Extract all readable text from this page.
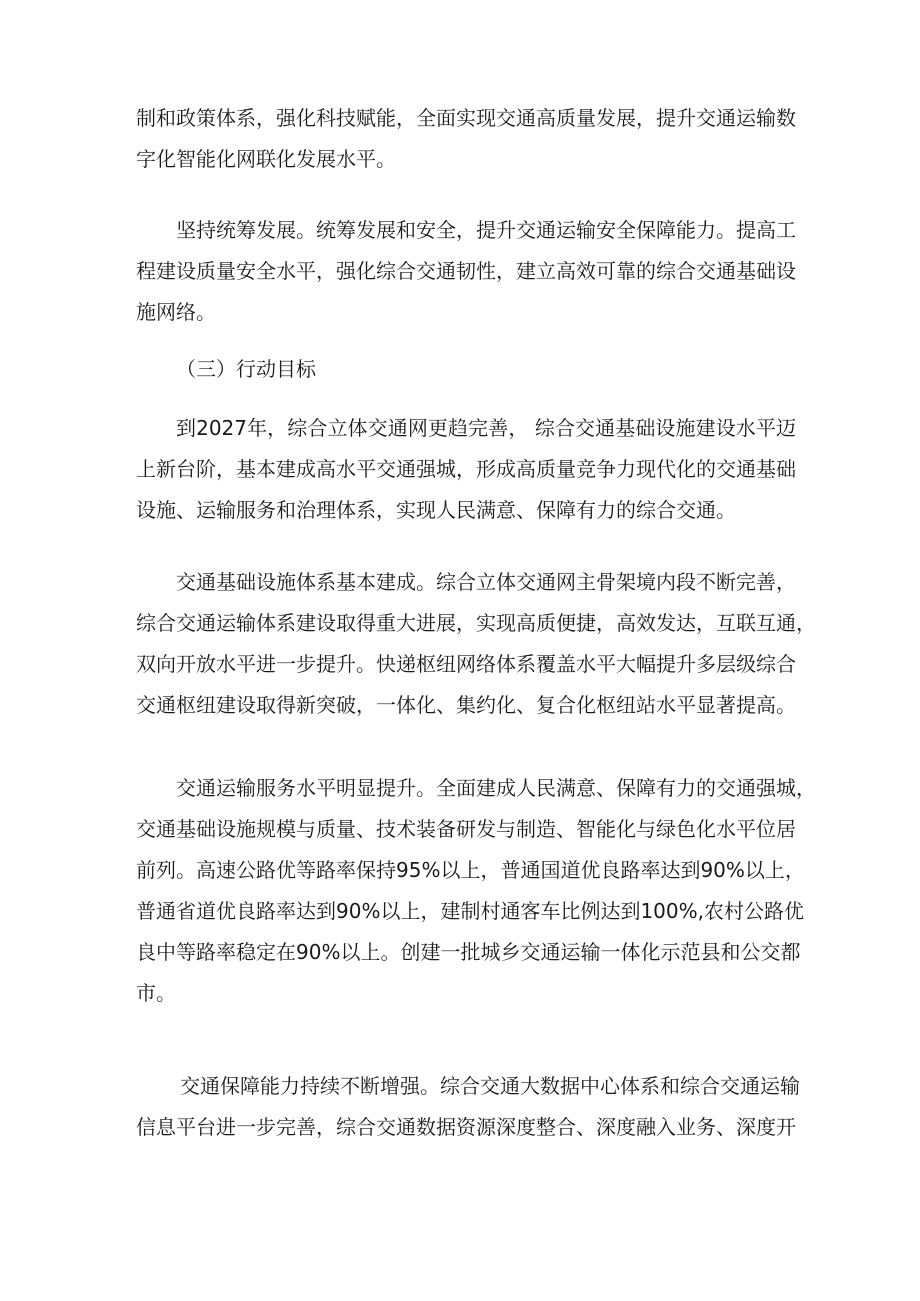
制和政策体系，强化科技赋能，全面实现交通高质量发展，提升交通运输数
字化智能化网联化发展水平。
坚持统筹发展。统筹发展和安全，提升交通运输安全保障能力。提高工
程建设质量安全水平，强化综合交通韧性，建立高效可靠的综合交通基础设
施网络。
（三）行动目标
到2027年，综合立体交通网更趋完善， 综合交通基础设施建设水平迈
上新台阶，基本建成高水平交通强城，形成高质量竞争力现代化的交通基础
设施、运输服务和治理体系，实现人民满意、保障有力的综合交通。
交通基础设施体系基本建成。综合立体交通网主骨架境内段不断完善，
综合交通运输体系建设取得重大进展，实现高质便捷，高效发达，互联互通，
双向开放水平进一步提升。快递枢纽网络体系覆盖水平大幅提升多层级综合
交通枢纽建设取得新突破，一体化、集约化、复合化枢纽站水平显著提高。
交通运输服务水平明显提升。全面建成人民满意、保障有力的交通强城，
交通基础设施规模与质量、技术装备研发与制造、智能化与绿色化水平位居
前列。高速公路优等路率保持95%以上，普通国道优良路率达到90%以上，
普通省道优良路率达到90%以上，建制村通客车比例达到100%,农村公路优
良中等路率稳定在90%以上。创建一批城乡交通运输一体化示范县和公交都
市。
交通保障能力持续不断增强。综合交通大数据中心体系和综合交通运输
信息平台进一步完善，综合交通数据资源深度整合、深度融入业务、深度开
